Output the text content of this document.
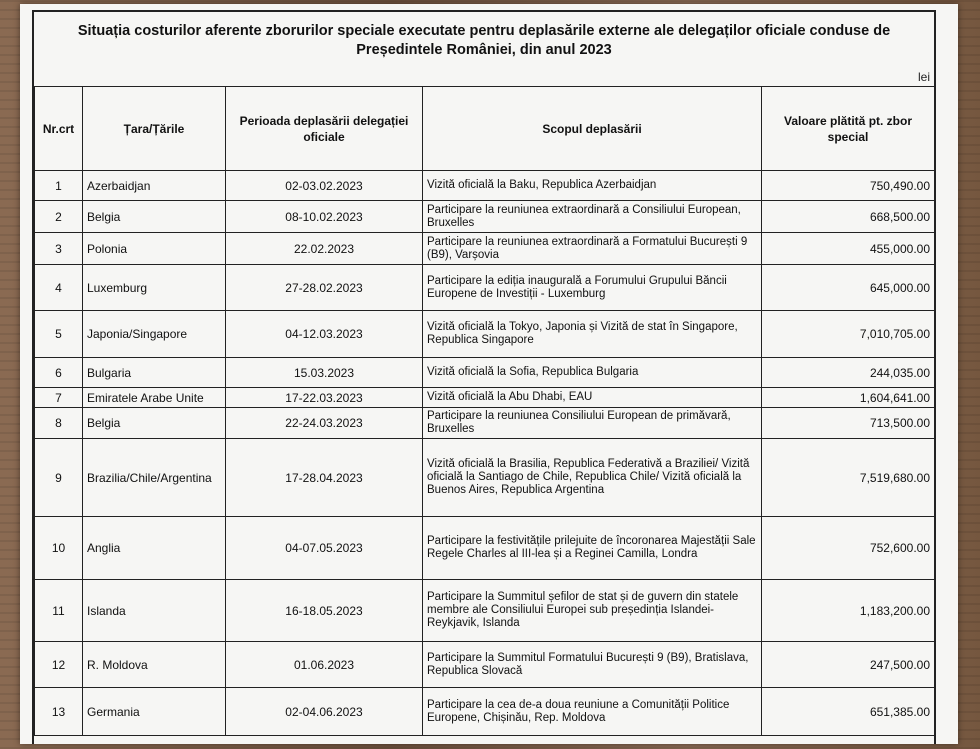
Situația costurilor aferente zborurilor speciale executate pentru deplasările externe ale delegaților oficiale conduse de Președintele României, din anul 2023
lei
Nr.crt	Țara/Țările	Perioada deplasării delegației oficiale	Scopul deplasării	Valoare plătită pt. zbor special
1	Azerbaidjan	02-03.02.2023	Vizită oficială la Baku, Republica Azerbaidjan	750,490.00
2	Belgia	08-10.02.2023	Participare la reuniunea extraordinară a Consiliului European, Bruxelles	668,500.00
3	Polonia	22.02.2023	Participare la reuniunea extraordinară a Formatului București 9 (B9), Varșovia	455,000.00
4	Luxemburg	27-28.02.2023	Participare la ediția inaugurală a Forumului Grupului Băncii Europene de Investiții - Luxemburg	645,000.00
5	Japonia/Singapore	04-12.03.2023	Vizită oficială la Tokyo, Japonia și Vizită de stat în Singapore, Republica Singapore	7,010,705.00
6	Bulgaria	15.03.2023	Vizită oficială la Sofia, Republica Bulgaria	244,035.00
7	Emiratele Arabe Unite	17-22.03.2023	Vizită oficială la Abu Dhabi, EAU	1,604,641.00
8	Belgia	22-24.03.2023	Participare la reuniunea Consiliului European de primăvară, Bruxelles	713,500.00
9	Brazilia/Chile/Argentina	17-28.04.2023	Vizită oficială la Brasilia, Republica Federativă a Braziliei/ Vizită oficială la Santiago de Chile, Republica Chile/ Vizită oficială la Buenos Aires, Republica Argentina	7,519,680.00
10	Anglia	04-07.05.2023	Participare la festivitățile prilejuite de încoronarea Majestății Sale Regele Charles al III-lea și a Reginei Camilla, Londra	752,600.00
11	Islanda	16-18.05.2023	Participare la Summitul șefilor de stat și de guvern din statele membre ale Consiliului Europei sub președinția Islandei-Reykjavik, Islanda	1,183,200.00
12	R. Moldova	01.06.2023	Participare la Summitul Formatului București 9 (B9), Bratislava, Republica Slovacă	247,500.00
13	Germania	02-04.06.2023	Participare la cea de-a doua reuniune a Comunității Politice Europene, Chișinău, Rep. Moldova	651,385.00
